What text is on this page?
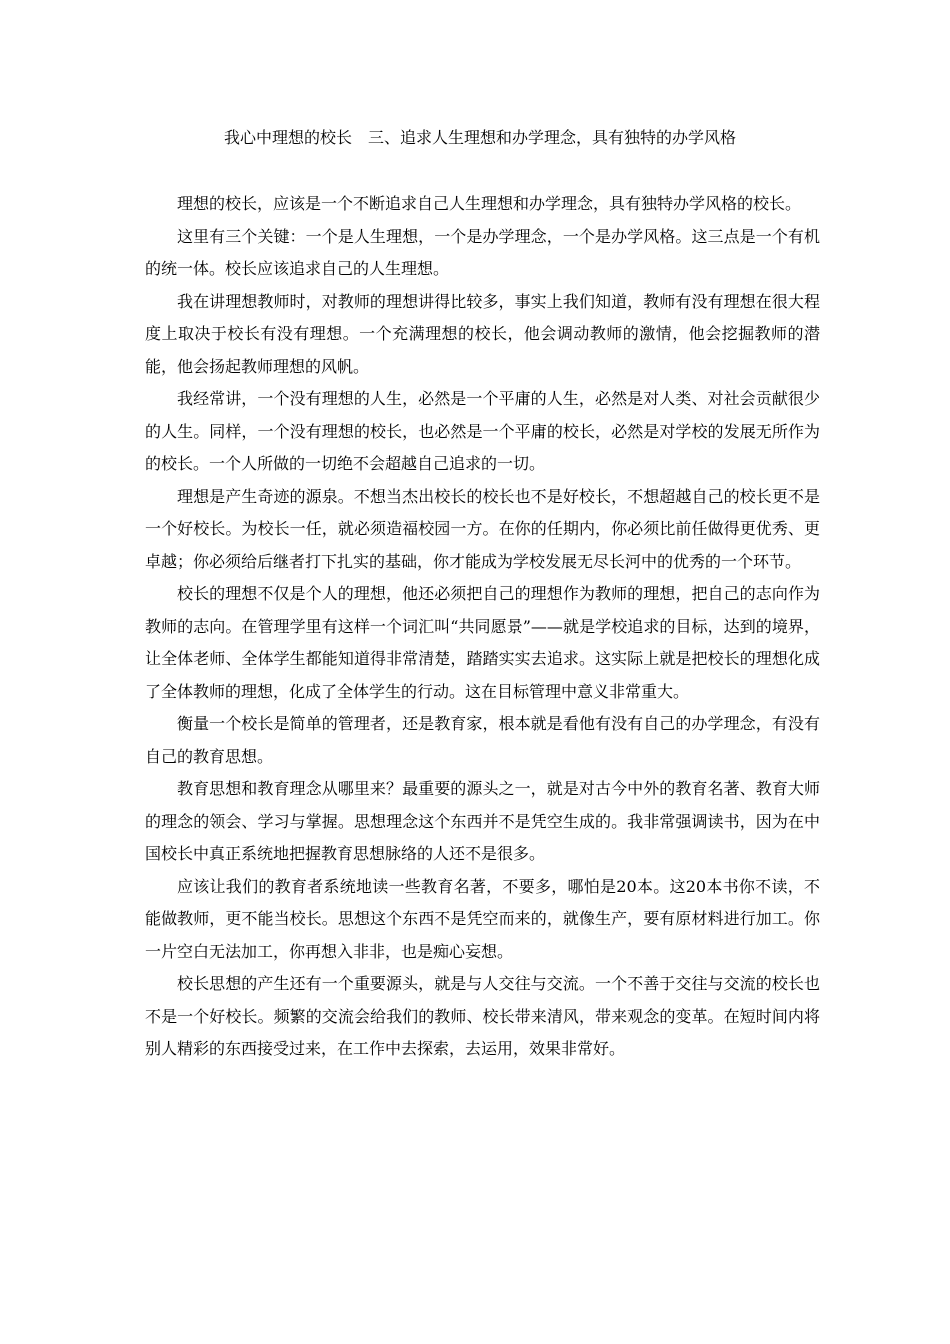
我心中理想的校长　三、追求人生理想和办学理念，具有独特的办学风格

理想的校长，应该是一个不断追求自己人生理想和办学理念，具有独特办学风格的校长。

这里有三个关键：一个是人生理想，一个是办学理念，一个是办学风格。这三点是一个有机的统一体。校长应该追求自己的人生理想。

我在讲理想教师时，对教师的理想讲得比较多，事实上我们知道，教师有没有理想在很大程度上取决于校长有没有理想。一个充满理想的校长，他会调动教师的激情，他会挖掘教师的潜能，他会扬起教师理想的风帆。

我经常讲，一个没有理想的人生，必然是一个平庸的人生，必然是对人类、对社会贡献很少的人生。同样，一个没有理想的校长，也必然是一个平庸的校长，必然是对学校的发展无所作为的校长。一个人所做的一切绝不会超越自己追求的一切。

理想是产生奇迹的源泉。不想当杰出校长的校长也不是好校长，不想超越自己的校长更不是一个好校长。为校长一任，就必须造福校园一方。在你的任期内，你必须比前任做得更优秀、更卓越；你必须给后继者打下扎实的基础，你才能成为学校发展无尽长河中的优秀的一个环节。

校长的理想不仅是个人的理想，他还必须把自己的理想作为教师的理想，把自己的志向作为教师的志向。在管理学里有这样一个词汇叫“共同愿景”——就是学校追求的目标，达到的境界，让全体老师、全体学生都能知道得非常清楚，踏踏实实去追求。这实际上就是把校长的理想化成了全体教师的理想，化成了全体学生的行动。这在目标管理中意义非常重大。

衡量一个校长是简单的管理者，还是教育家，根本就是看他有没有自己的办学理念，有没有自己的教育思想。

教育思想和教育理念从哪里来？最重要的源头之一，就是对古今中外的教育名著、教育大师的理念的领会、学习与掌握。思想理念这个东西并不是凭空生成的。我非常强调读书，因为在中国校长中真正系统地把握教育思想脉络的人还不是很多。

应该让我们的教育者系统地读一些教育名著，不要多，哪怕是20本。这20本书你不读，不能做教师，更不能当校长。思想这个东西不是凭空而来的，就像生产，要有原材料进行加工。你一片空白无法加工，你再想入非非，也是痴心妄想。

校长思想的产生还有一个重要源头，就是与人交往与交流。一个不善于交往与交流的校长也不是一个好校长。频繁的交流会给我们的教师、校长带来清风，带来观念的变革。在短时间内将别人精彩的东西接受过来，在工作中去探索，去运用，效果非常好。
